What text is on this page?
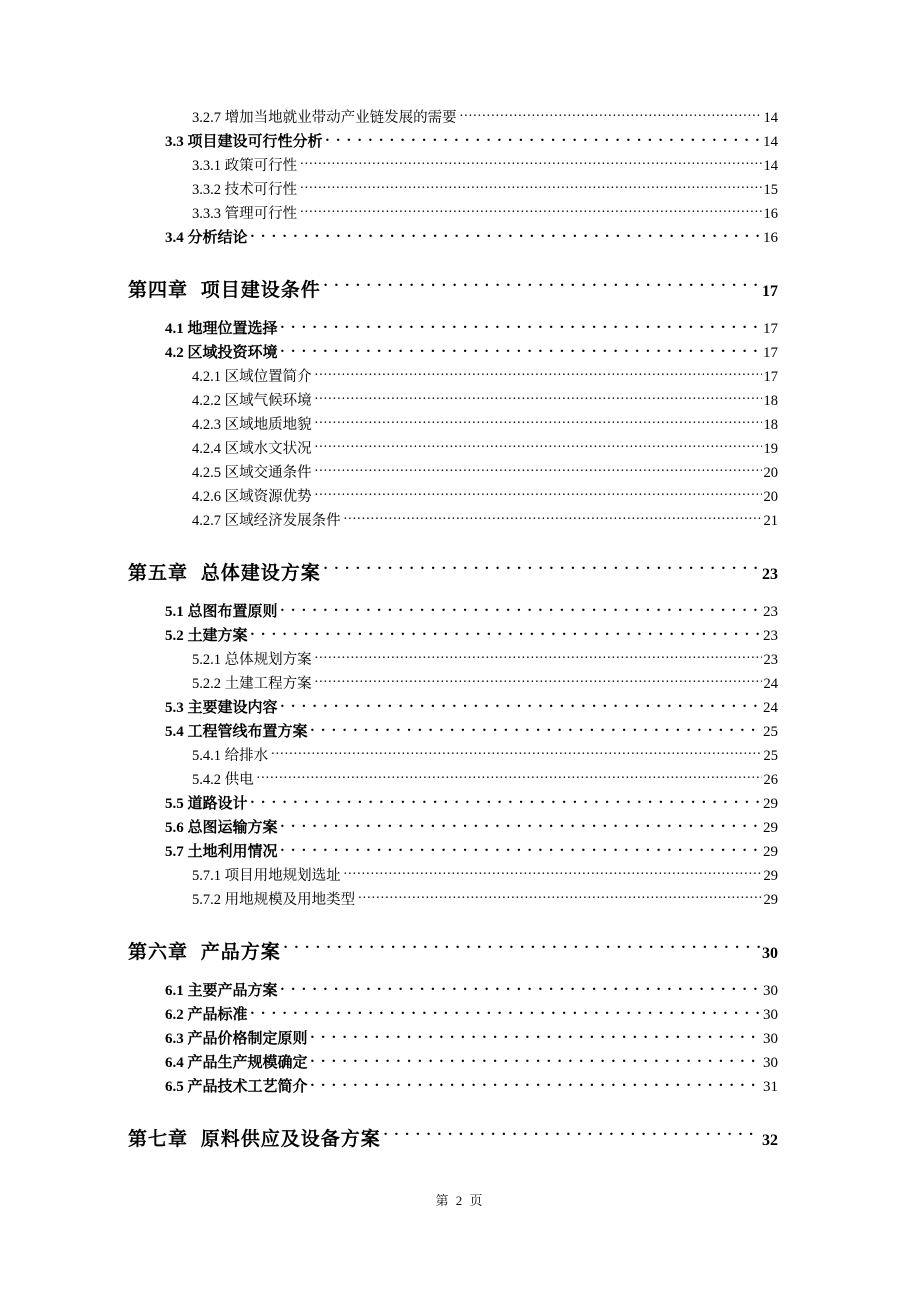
3.2.7 增加当地就业带动产业链发展的需要 .....	14
3.3 项目建设可行性分析 .....	14
3.3.1 政策可行性 .....	14
3.3.2 技术可行性 .....	15
3.3.3 管理可行性 .....	16
3.4 分析结论 .....	16
第四章 项目建设条件 .....	17
4.1 地理位置选择 .....	17
4.2 区域投资环境 .....	17
4.2.1 区域位置简介 .....	17
4.2.2 区域气候环境 .....	18
4.2.3 区域地质地貌 .....	18
4.2.4 区域水文状况 .....	19
4.2.5 区域交通条件 .....	20
4.2.6 区域资源优势 .....	20
4.2.7 区域经济发展条件 .....	21
第五章 总体建设方案 .....	23
5.1 总图布置原则 .....	23
5.2 土建方案 .....	23
5.2.1 总体规划方案 .....	23
5.2.2 土建工程方案 .....	24
5.3 主要建设内容 .....	24
5.4 工程管线布置方案 .....	25
5.4.1 给排水 .....	25
5.4.2 供电 .....	26
5.5 道路设计 .....	29
5.6 总图运输方案 .....	29
5.7 土地利用情况 .....	29
5.7.1 项目用地规划选址 .....	29
5.7.2 用地规模及用地类型 .....	29
第六章 产品方案 .....	30
6.1 主要产品方案 .....	30
6.2 产品标准 .....	30
6.3 产品价格制定原则 .....	30
6.4 产品生产规模确定 .....	30
6.5 产品技术工艺简介 .....	31
第七章 原料供应及设备方案 .....	32
第 2 页
